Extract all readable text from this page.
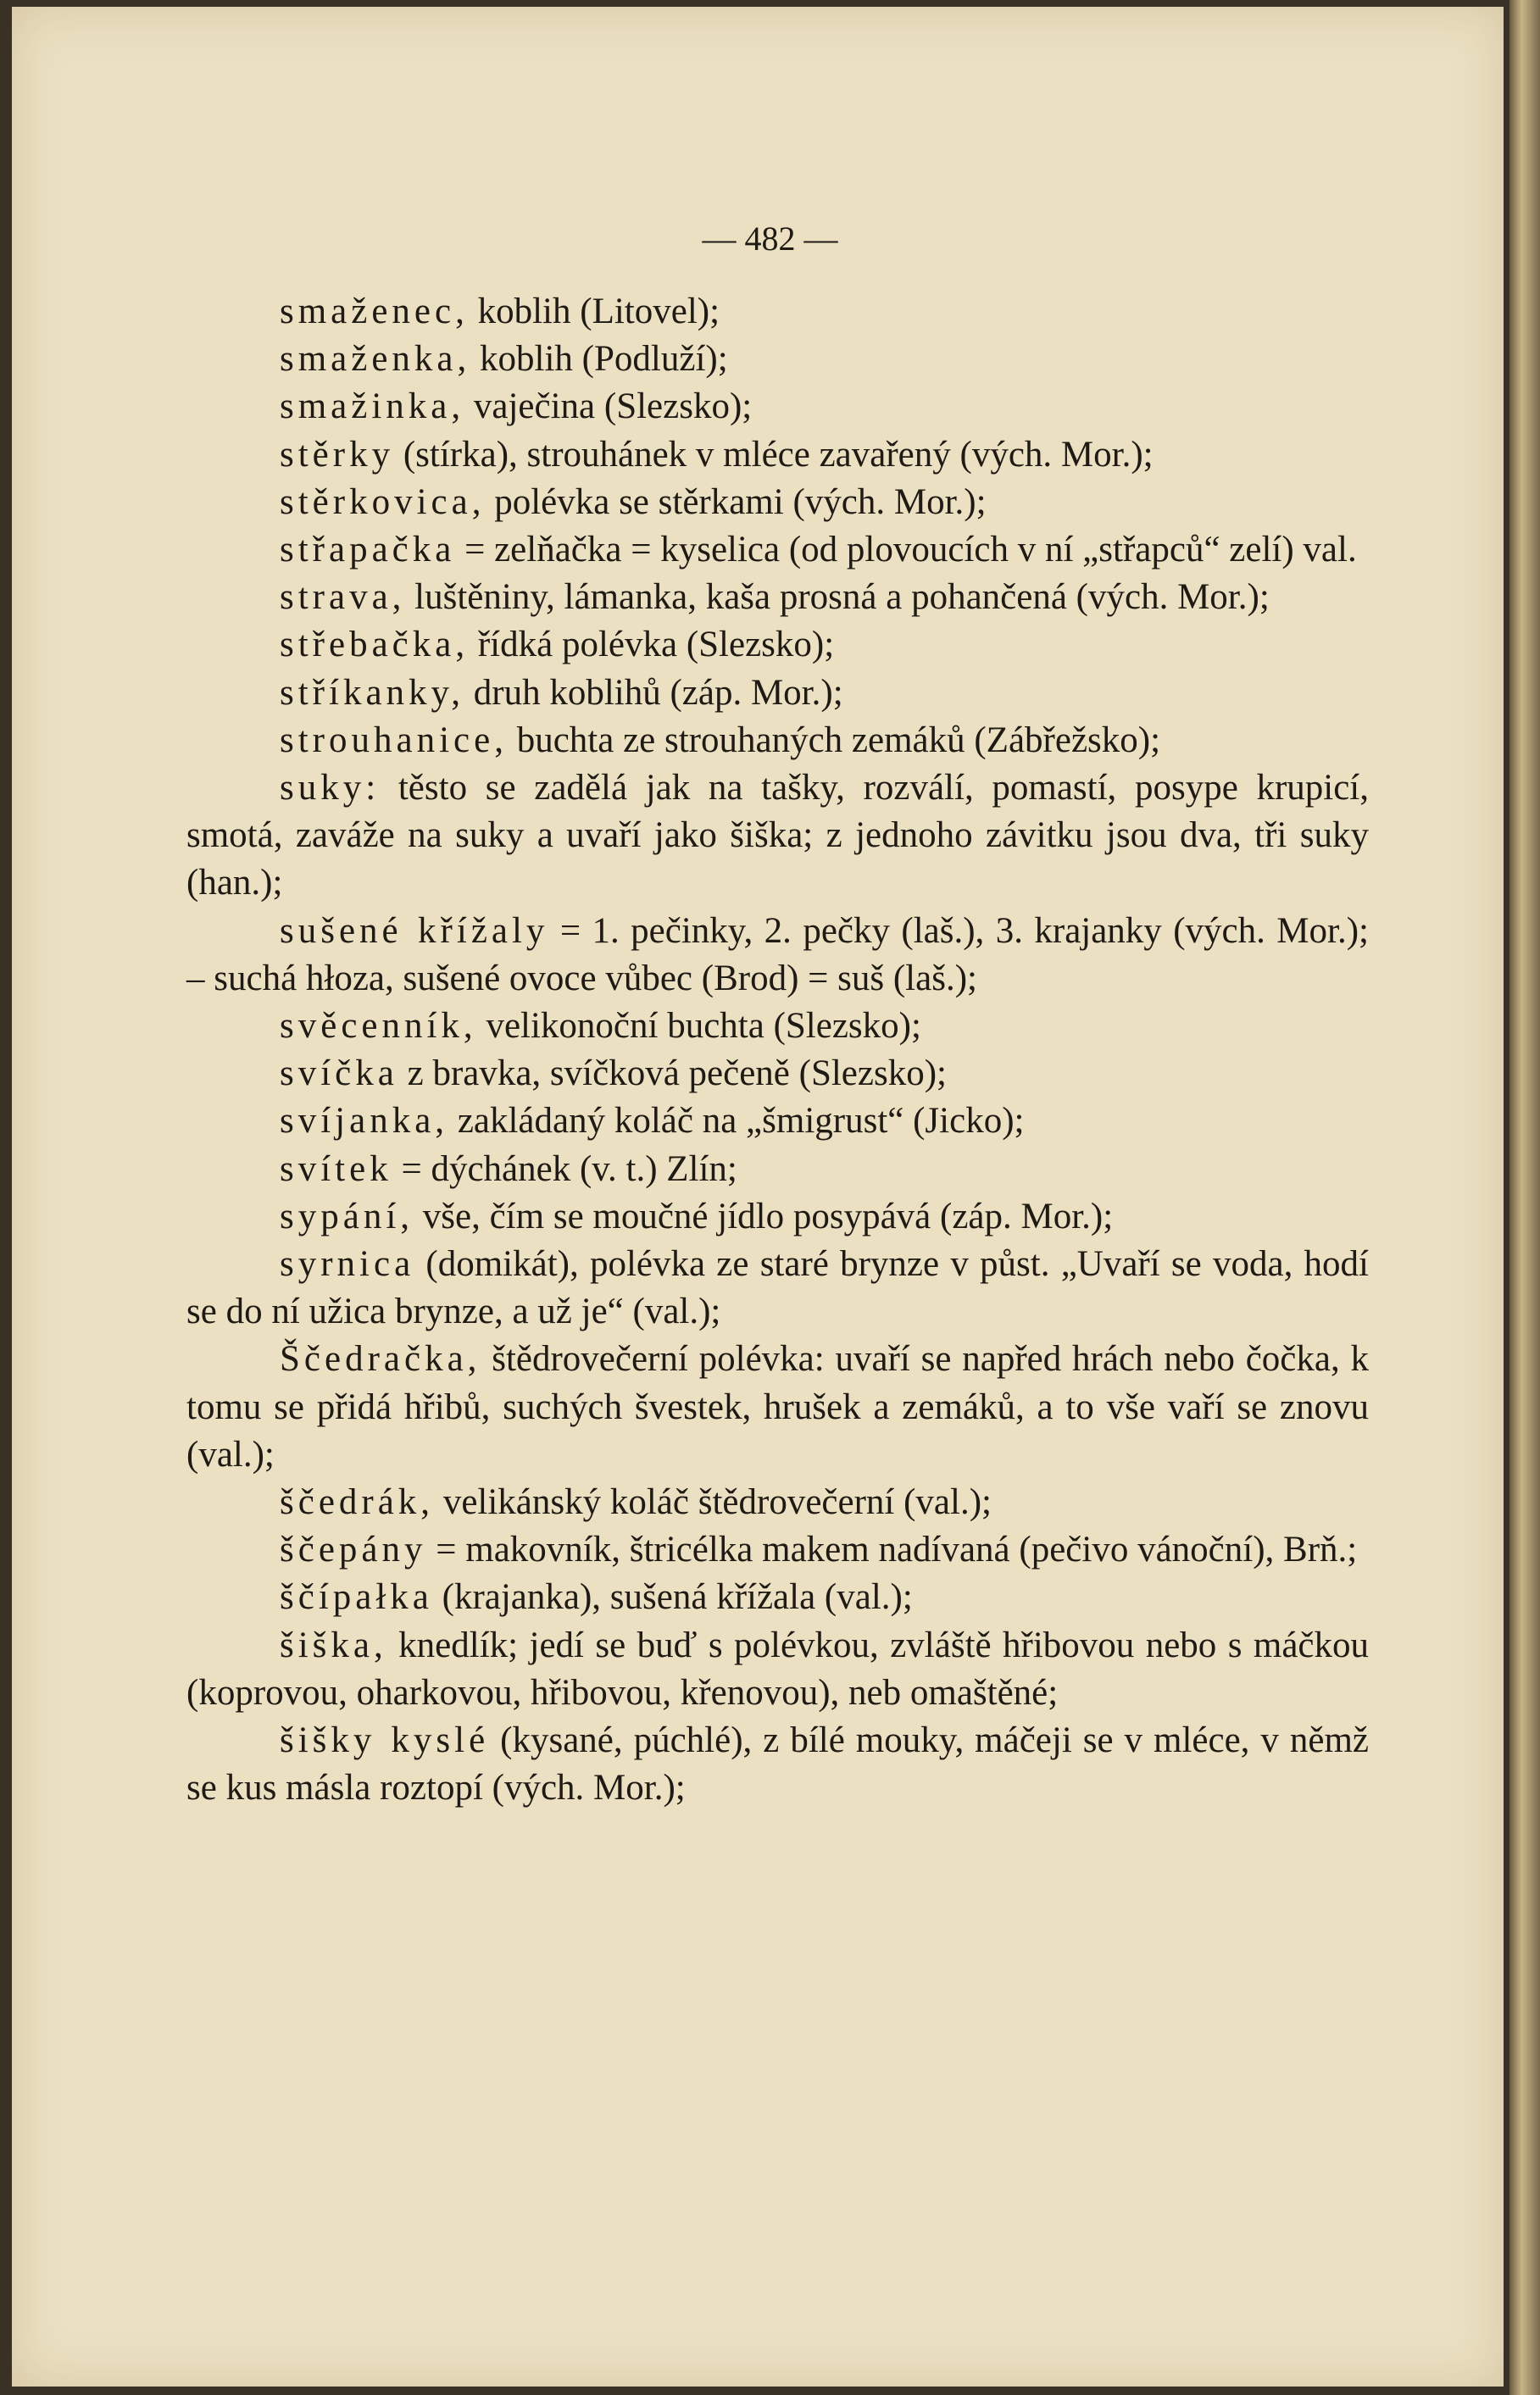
— 482 —
smaženec, koblih (Litovel);
smaženka, koblih (Podluží);
smažinka, vaječina (Slezsko);
stěrky (stírka), strouhánek v mléce zavařený (vých. Mor.);
stěrkovica, polévka se stěrkami (vých. Mor.);
střapačka = zelňačka = kyselica (od plovoucích v ní „střapců“ zelí) val.
strava, luštěniny, lámanka, kaša prosná a pohančená (vých. Mor.);
střebačka, řídká polévka (Slezsko);
stříkanky, druh koblihů (záp. Mor.);
strouhanice, buchta ze strouhaných zemáků (Zábřežsko);
suky: těsto se zadělá jak na tašky, rozválí, pomastí, posype krupicí, smotá, zaváže na suky a uvaří jako šiška; z jednoho závitku jsou dva, tři suky (han.);
sušené křížaly = 1. pečinky, 2. pečky (laš.), 3. krajanky (vých. Mor.); – suchá hłoza, sušené ovoce vůbec (Brod) = suš (laš.);
svěcenník, velikonoční buchta (Slezsko);
svíčka z bravka, svíčková pečeně (Slezsko);
svíjanka, zakládaný koláč na „šmigrust“ (Jicko);
svítek = dýchánek (v. t.) Zlín;
sypání, vše, čím se moučné jídlo posypává (záp. Mor.);
syrnica (domikát), polévka ze staré brynze v půst. „Uvaří se voda, hodí se do ní užica brynze, a už je“ (val.);
Ščedračka, štědrovečerní polévka: uvaří se napřed hrách nebo čočka, k tomu se přidá hřibů, suchých švestek, hrušek a zemáků, a to vše vaří se znovu (val.);
ščedrák, velikánský koláč štědrovečerní (val.);
ščepány = makovník, štricélka makem nadívaná (pečivo vánoční), Brň.;
ščípałka (krajanka), sušená křížala (val.);
šiška, knedlík; jedí se buď s polévkou, zvláště hřibovou nebo s máčkou (koprovou, oharkovou, hřibovou, křenovou), neb omaštěné;
šišky kyslé (kysané, púchlé), z bílé mouky, máčeji se v mléce, v němž se kus másla roztopí (vých. Mor.);
